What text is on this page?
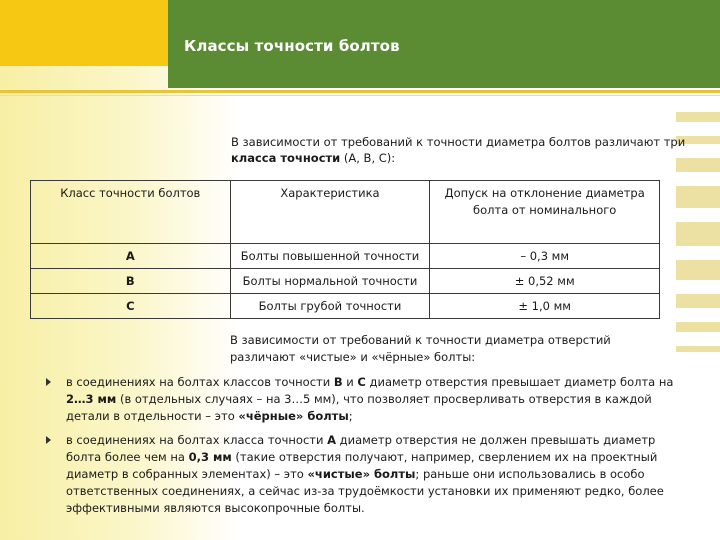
Классы точности болтов
В зависимости от требований к точности диаметра болтов различают три класса точности (А, В, С):
Класс точности болтов	Характеристика	Допуск на отклонение диаметра болта от номинального
А	Болты повышенной точности	– 0,3 мм
В	Болты нормальной точности	± 0,52 мм
С	Болты грубой точности	± 1,0 мм
В зависимости от требований к точности диаметра отверстий различают «чистые» и «чёрные» болты:
в соединениях на болтах классов точности В и С диаметр отверстия превышает диаметр болта на 2…3 мм (в отдельных случаях – на 3…5 мм), что позволяет просверливать отверстия в каждой детали в отдельности – это «чёрные» болты;
в соединениях на болтах класса точности А диаметр отверстия не должен превышать диаметр болта более чем на 0,3 мм (такие отверстия получают, например, сверлением их на проектный диаметр в собранных элементах) – это «чистые» болты; раньше они использовались в особо ответственных соединениях, а сейчас из-за трудоёмкости установки их применяют редко, более эффективными являются высокопрочные болты.
